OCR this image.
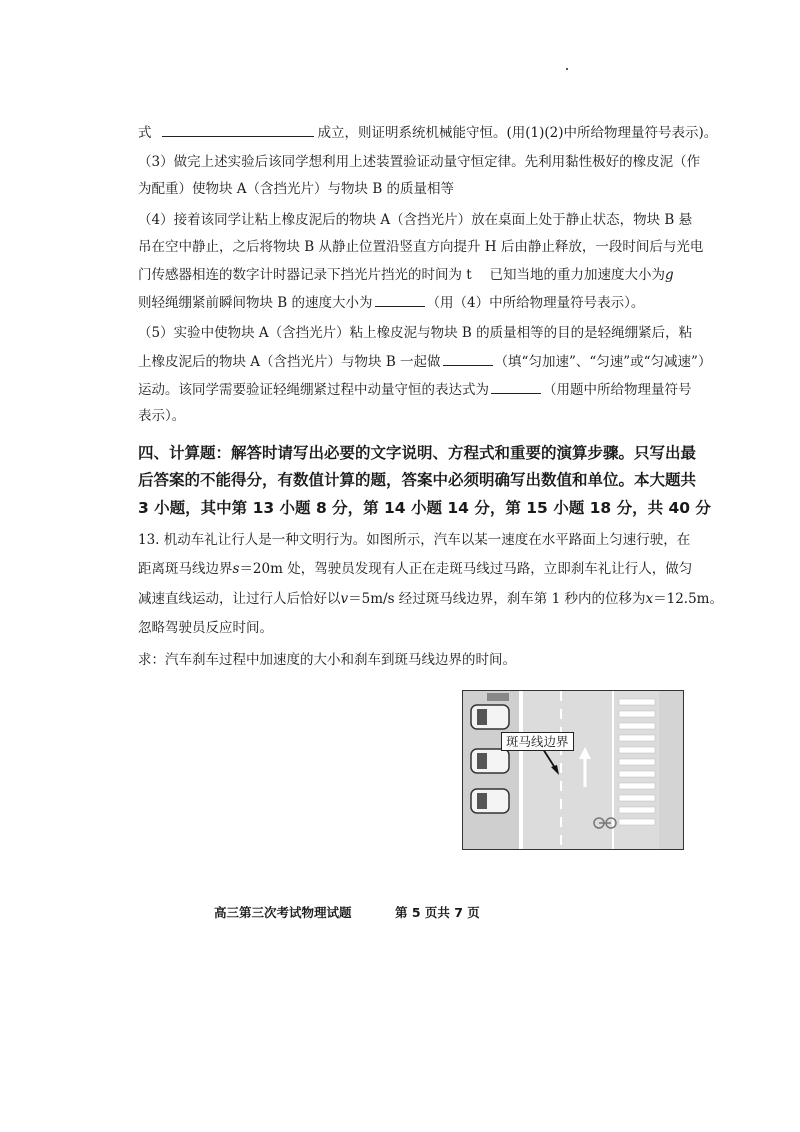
式	成立，则证明系统机械能守恒。(用(1)(2)中所给物理量符号表示)。
（3）做完上述实验后该同学想利用上述装置验证动量守恒定律。先利用黏性极好的橡皮泥（作
为配重）使物块 A（含挡光片）与物块 B 的质量相等
（4）接着该同学让粘上橡皮泥后的物块 A（含挡光片）放在桌面上处于静止状态，物块 B 悬
吊在空中静止，之后将物块 B 从静止位置沿竖直方向提升 H 后由静止释放，一段时间后与光电
门传感器相连的数字计时器记录下挡光片挡光的时间为 t　 已知当地的重力加速度大小为g
则轻绳绷紧前瞬间物块 B 的速度大小为	（用（4）中所给物理量符号表示）。
（5）实验中使物块 A（含挡光片）粘上橡皮泥与物块 B 的质量相等的目的是轻绳绷紧后，粘
上橡皮泥后的物块 A（含挡光片）与物块 B 一起做	（填“匀加速”、“匀速”或“匀减速”）
运动。该同学需要验证轻绳绷紧过程中动量守恒的表达式为	（用题中所给物理量符号
表示）。
四、计算题：解答时请写出必要的文字说明、方程式和重要的演算步骤。只写出最
后答案的不能得分，有数值计算的题，答案中必须明确写出数值和单位。本大题共
3 小题，其中第 13 小题 8 分，第 14 小题 14 分，第 15 小题 18 分，共 40 分
13. 机动车礼让行人是一种文明行为。如图所示，汽车以某一速度在水平路面上匀速行驶，在
距离斑马线边界s＝20m 处，驾驶员发现有人正在走斑马线过马路，立即刹车礼让行人，做匀
减速直线运动，让过行人后恰好以v＝5m/s 经过斑马线边界，刹车第 1 秒内的位移为x＝12.5m。
忽略驾驶员反应时间。
求：汽车刹车过程中加速度的大小和刹车到斑马线边界的时间。
斑马线边界
高三第三次考试物理试题	第 5 页共 7 页
